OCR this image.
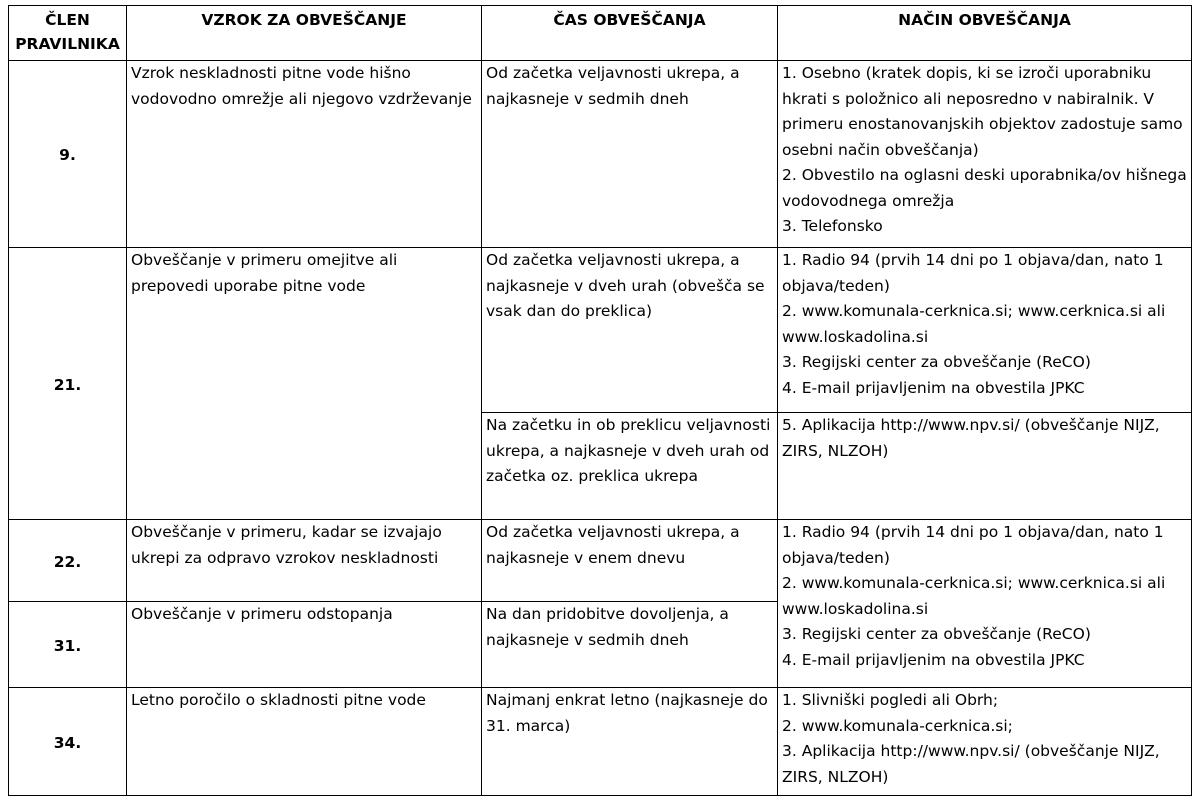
ČLEN
PRAVILNIKA	VZROK ZA OBVEŠČANJE	ČAS OBVEŠČANJA	NAČIN OBVEŠČANJA
9.	Vzrok neskladnosti pitne vode hišno vodovodno omrežje ali njegovo vzdrževanje	Od začetka veljavnosti ukrepa, a najkasneje v sedmih dneh	1. Osebno (kratek dopis, ki se izroči uporabniku hkrati s položnico ali neposredno v nabiralnik. V primeru enostanovanjskih objektov zadostuje samo osebni način obveščanja)
2. Obvestilo na oglasni deski uporabnika/ov hišnega vodovodnega omrežja
3. Telefonsko
21.	Obveščanje v primeru omejitve ali prepovedi uporabe pitne vode	Od začetka veljavnosti ukrepa, a najkasneje v dveh urah (obvešča se vsak dan do preklica)	1. Radio 94 (prvih 14 dni po 1 objava/dan, nato 1 objava/teden)
2. www.komunala-cerknica.si; www.cerknica.si ali www.loskadolina.si
3. Regijski center za obveščanje (ReCO)
4. E-mail prijavljenim na obvestila JPKC
		Na začetku in ob preklicu veljavnosti ukrepa, a najkasneje v dveh urah od začetka oz. preklica ukrepa	5. Aplikacija http://www.npv.si/ (obveščanje NIJZ, ZIRS, NLZOH)
22.	Obveščanje v primeru, kadar se izvajajo ukrepi za odpravo vzrokov neskladnosti	Od začetka veljavnosti ukrepa, a najkasneje v enem dnevu	1. Radio 94 (prvih 14 dni po 1 objava/dan, nato 1 objava/teden)
2. www.komunala-cerknica.si; www.cerknica.si ali www.loskadolina.si
3. Regijski center za obveščanje (ReCO)
4. E-mail prijavljenim na obvestila JPKC
31.	Obveščanje v primeru odstopanja	Na dan pridobitve dovoljenja, a najkasneje v sedmih dneh	
34.	Letno poročilo o skladnosti pitne vode	Najmanj enkrat letno (najkasneje do 31. marca)	1. Slivniški pogledi ali Obrh;
2. www.komunala-cerknica.si;
3. Aplikacija http://www.npv.si/ (obveščanje NIJZ, ZIRS, NLZOH)
